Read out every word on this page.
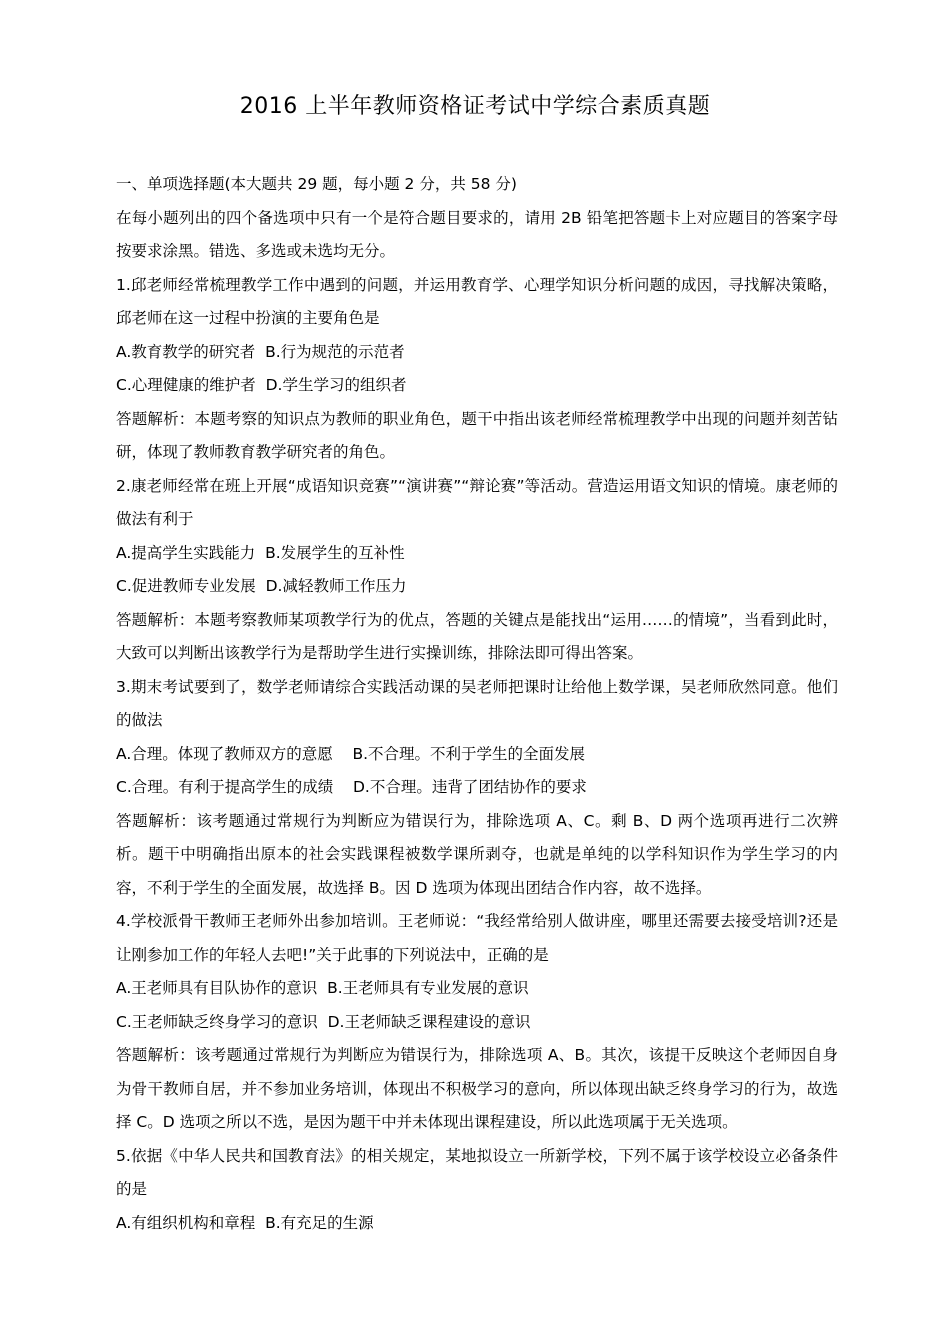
2016 上半年教师资格证考试中学综合素质真题

一、单项选择题(本大题共 29 题，每小题 2 分，共 58 分)

在每小题列出的四个备选项中只有一个是符合题目要求的，请用 2B 铅笔把答题卡上对应题目的答案字母按要求涂黑。错选、多选或未选均无分。

1.邱老师经常梳理教学工作中遇到的问题，并运用教育学、心理学知识分析问题的成因，寻找解决策略，邱老师在这一过程中扮演的主要角色是

A.教育教学的研究者  B.行为规范的示范者

C.心理健康的维护者  D.学生学习的组织者

答题解析：本题考察的知识点为教师的职业角色，题干中指出该老师经常梳理教学中出现的问题并刻苦钻研，体现了教师教育教学研究者的角色。

2.康老师经常在班上开展“成语知识竞赛”“演讲赛”“辩论赛”等活动。营造运用语文知识的情境。康老师的做法有利于

A.提高学生实践能力  B.发展学生的互补性

C.促进教师专业发展  D.减轻教师工作压力

答题解析：本题考察教师某项教学行为的优点，答题的关键点是能找出“运用……的情境”，当看到此时，大致可以判断出该教学行为是帮助学生进行实操训练，排除法即可得出答案。

3.期末考试要到了，数学老师请综合实践活动课的吴老师把课时让给他上数学课，吴老师欣然同意。他们的做法

A.合理。体现了教师双方的意愿    B.不合理。不利于学生的全面发展

C.合理。有利于提高学生的成绩    D.不合理。违背了团结协作的要求

答题解析：该考题通过常规行为判断应为错误行为，排除选项 A、C。剩 B、D 两个选项再进行二次辨析。题干中明确指出原本的社会实践课程被数学课所剥夺，也就是单纯的以学科知识作为学生学习的内容，不利于学生的全面发展，故选择 B。因 D 选项为体现出团结合作内容，故不选择。

4.学校派骨干教师王老师外出参加培训。王老师说：“我经常给别人做讲座，哪里还需要去接受培训?还是让刚参加工作的年轻人去吧!”关于此事的下列说法中，正确的是

A.王老师具有目队协作的意识  B.王老师具有专业发展的意识

C.王老师缺乏终身学习的意识  D.王老师缺乏课程建设的意识

答题解析：该考题通过常规行为判断应为错误行为，排除选项 A、B。其次，该提干反映这个老师因自身为骨干教师自居，并不参加业务培训，体现出不积极学习的意向，所以体现出缺乏终身学习的行为，故选择 C。D 选项之所以不选，是因为题干中并未体现出课程建设，所以此选项属于无关选项。

5.依据《中华人民共和国教育法》的相关规定，某地拟设立一所新学校，下列不属于该学校设立必备条件的是

A.有组织机构和章程  B.有充足的生源
